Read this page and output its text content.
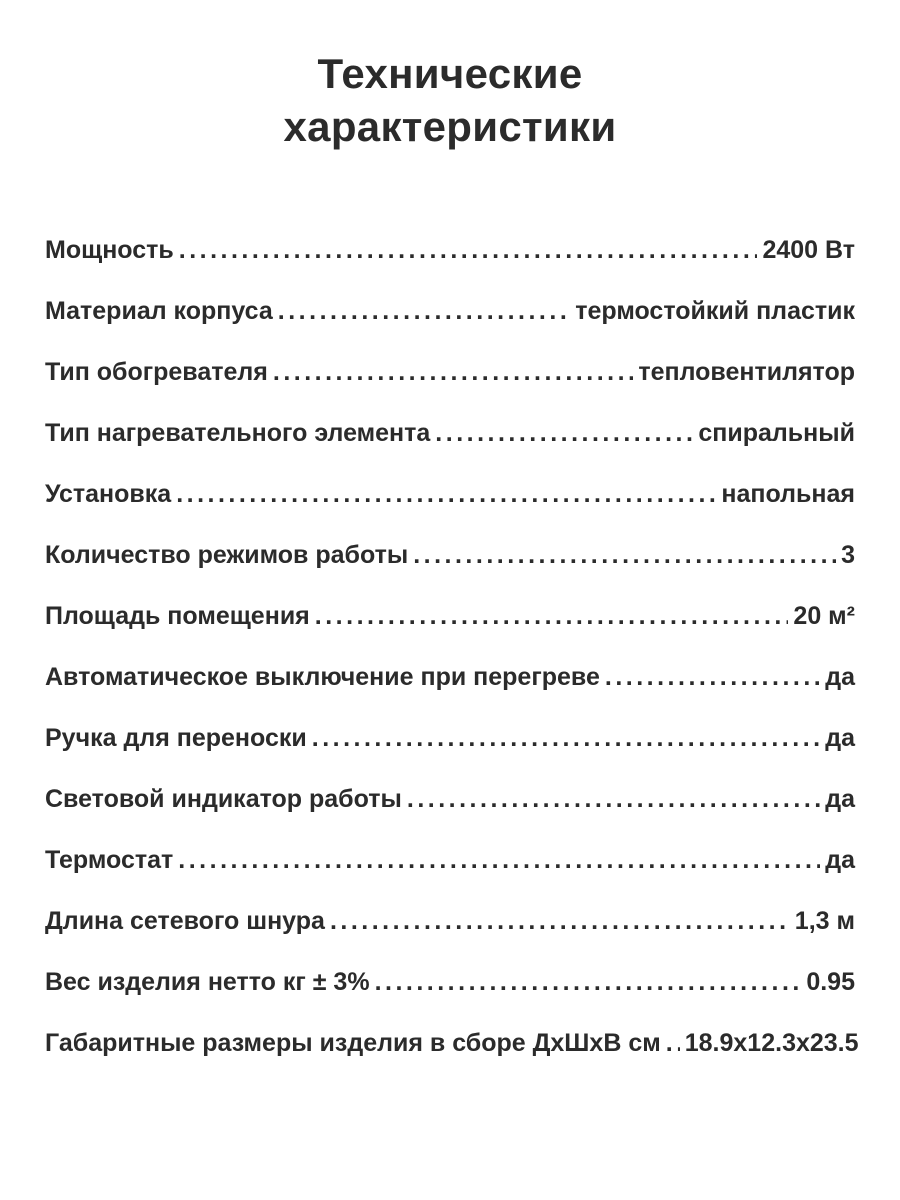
Технические
характеристики
Мощность .....	2400 Вт
Материал корпуса .....	термостойкий пластик
Тип обогревателя .....	тепловентилятор
Тип нагревательного элемента .....	спиральный
Установка .....	напольная
Количество режимов работы .....	3
Площадь помещения .....	20 м²
Автоматическое выключение при перегреве .....	да
Ручка для переноски .....	да
Световой индикатор работы .....	да
Термостат .....	да
Длина сетевого шнура .....	1,3 м
Вес изделия нетто кг ± 3% .....	0.95
Габаритные размеры изделия в сборе ДхШхВ см ..... 18.9х12.3х23.5
